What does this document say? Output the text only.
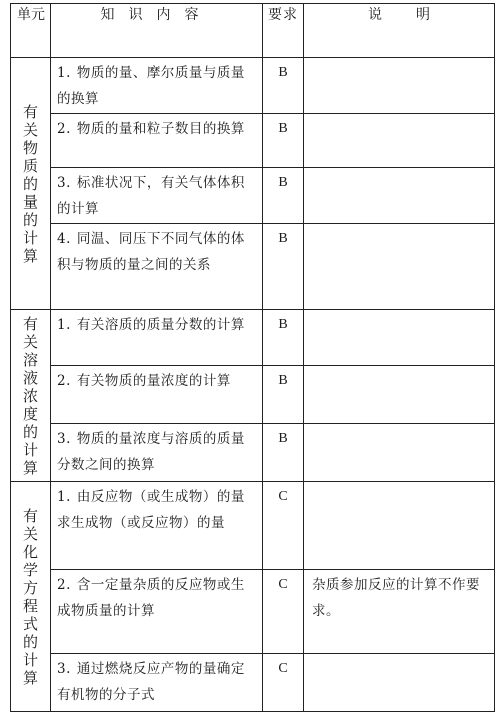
单元	知识内容	要求	说 明
有关物质的量的计算	1. 物质的量、摩尔质量与质量的换算	B	
	2. 物质的量和粒子数目的换算	B	
	3. 标准状况下，有关气体体积的计算	B	
	4. 同温、同压下不同气体的体积与物质的量之间的关系	B	
有关溶液浓度的计算	1. 有关溶质的质量分数的计算	B	
	2. 有关物质的量浓度的计算	B	
	3. 物质的量浓度与溶质的质量分数之间的换算	B	
有关化学方程式的计算	1. 由反应物（或生成物）的量求生成物（或反应物）的量	C	
	2. 含一定量杂质的反应物或生成物质量的计算	C	杂质参加反应的计算不作要求。
	3. 通过燃烧反应产物的量确定有机物的分子式	C	
